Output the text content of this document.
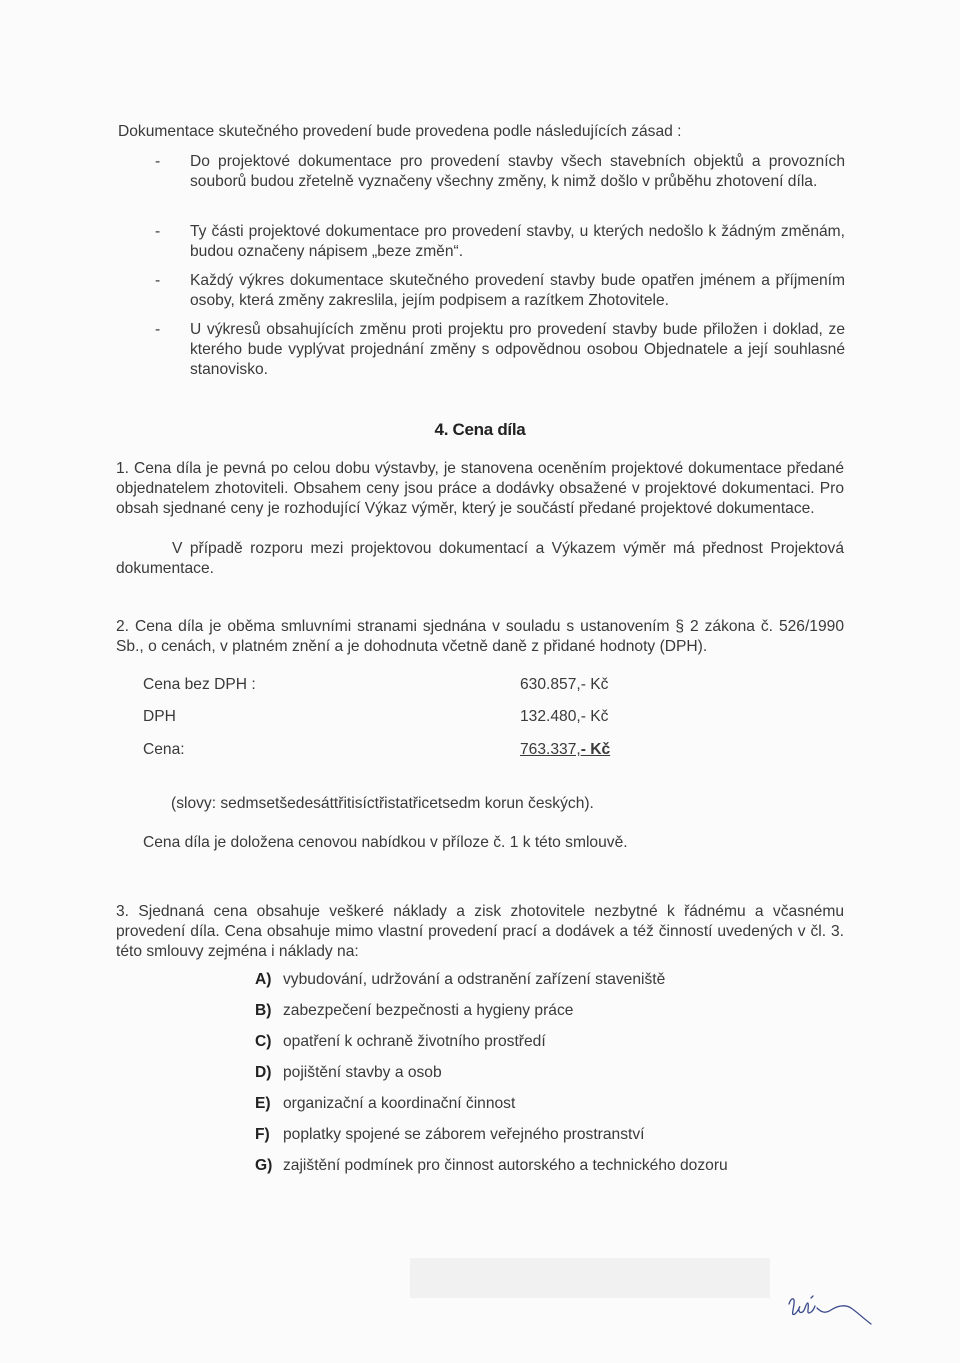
Dokumentace skutečného provedení bude provedena podle následujících zásad :

- Do projektové dokumentace pro provedení stavby všech stavebních objektů a provozních souborů budou zřetelně vyznačeny všechny změny, k nimž došlo v průběhu zhotovení díla.
- Ty části projektové dokumentace pro provedení stavby, u kterých nedošlo k žádným změnám, budou označeny nápisem „beze změn“.
- Každý výkres dokumentace skutečného provedení stavby bude opatřen jménem a příjmením osoby, která změny zakreslila, jejím podpisem a razítkem Zhotovitele.
- U výkresů obsahujících změnu proti projektu pro provedení stavby bude přiložen i doklad, ze kterého bude vyplývat projednání změny s odpovědnou osobou Objednatele a její souhlasné stanovisko.
4. Cena díla

1. Cena díla je pevná po celou dobu výstavby, je stanovena oceněním projektové dokumentace předané objednatelem zhotoviteli. Obsahem ceny jsou práce a dodávky obsažené v projektové dokumentaci. Pro obsah sjednané ceny je rozhodující Výkaz výměr, který je součástí předané projektové dokumentace.

V případě rozporu mezi projektovou dokumentací a Výkazem výměr má přednost Projektová dokumentace.

2. Cena díla je oběma smluvními stranami sjednána v souladu s ustanovením § 2 zákona č. 526/1990 Sb., o cenách, v platném znění a je dohodnuta včetně daně z přidané hodnoty (DPH).

Cena bez DPH :	630.857,- Kč
DPH	132.480,- Kč
Cena:	763.337,- Kč

(slovy: sedmsetšedesáttřitisíctřistatřicetsedm korun českých).

Cena díla je doložena cenovou nabídkou v příloze č. 1 k této smlouvě.

3. Sjednaná cena obsahuje veškeré náklady a zisk zhotovitele nezbytné k řádnému a včasnému provedení díla. Cena obsahuje mimo vlastní provedení prací a dodávek a též činností uvedených v čl. 3. této smlouvy zejména i náklady na:

A) vybudování, udržování a odstranění zařízení staveniště
B) zabezpečení bezpečnosti a hygieny práce
C) opatření k ochraně životního prostředí
D) pojištění stavby a osob
E) organizační a koordinační činnost
F) poplatky spojené se záborem veřejného prostranství
G) zajištění podmínek pro činnost autorského a technického dozoru
